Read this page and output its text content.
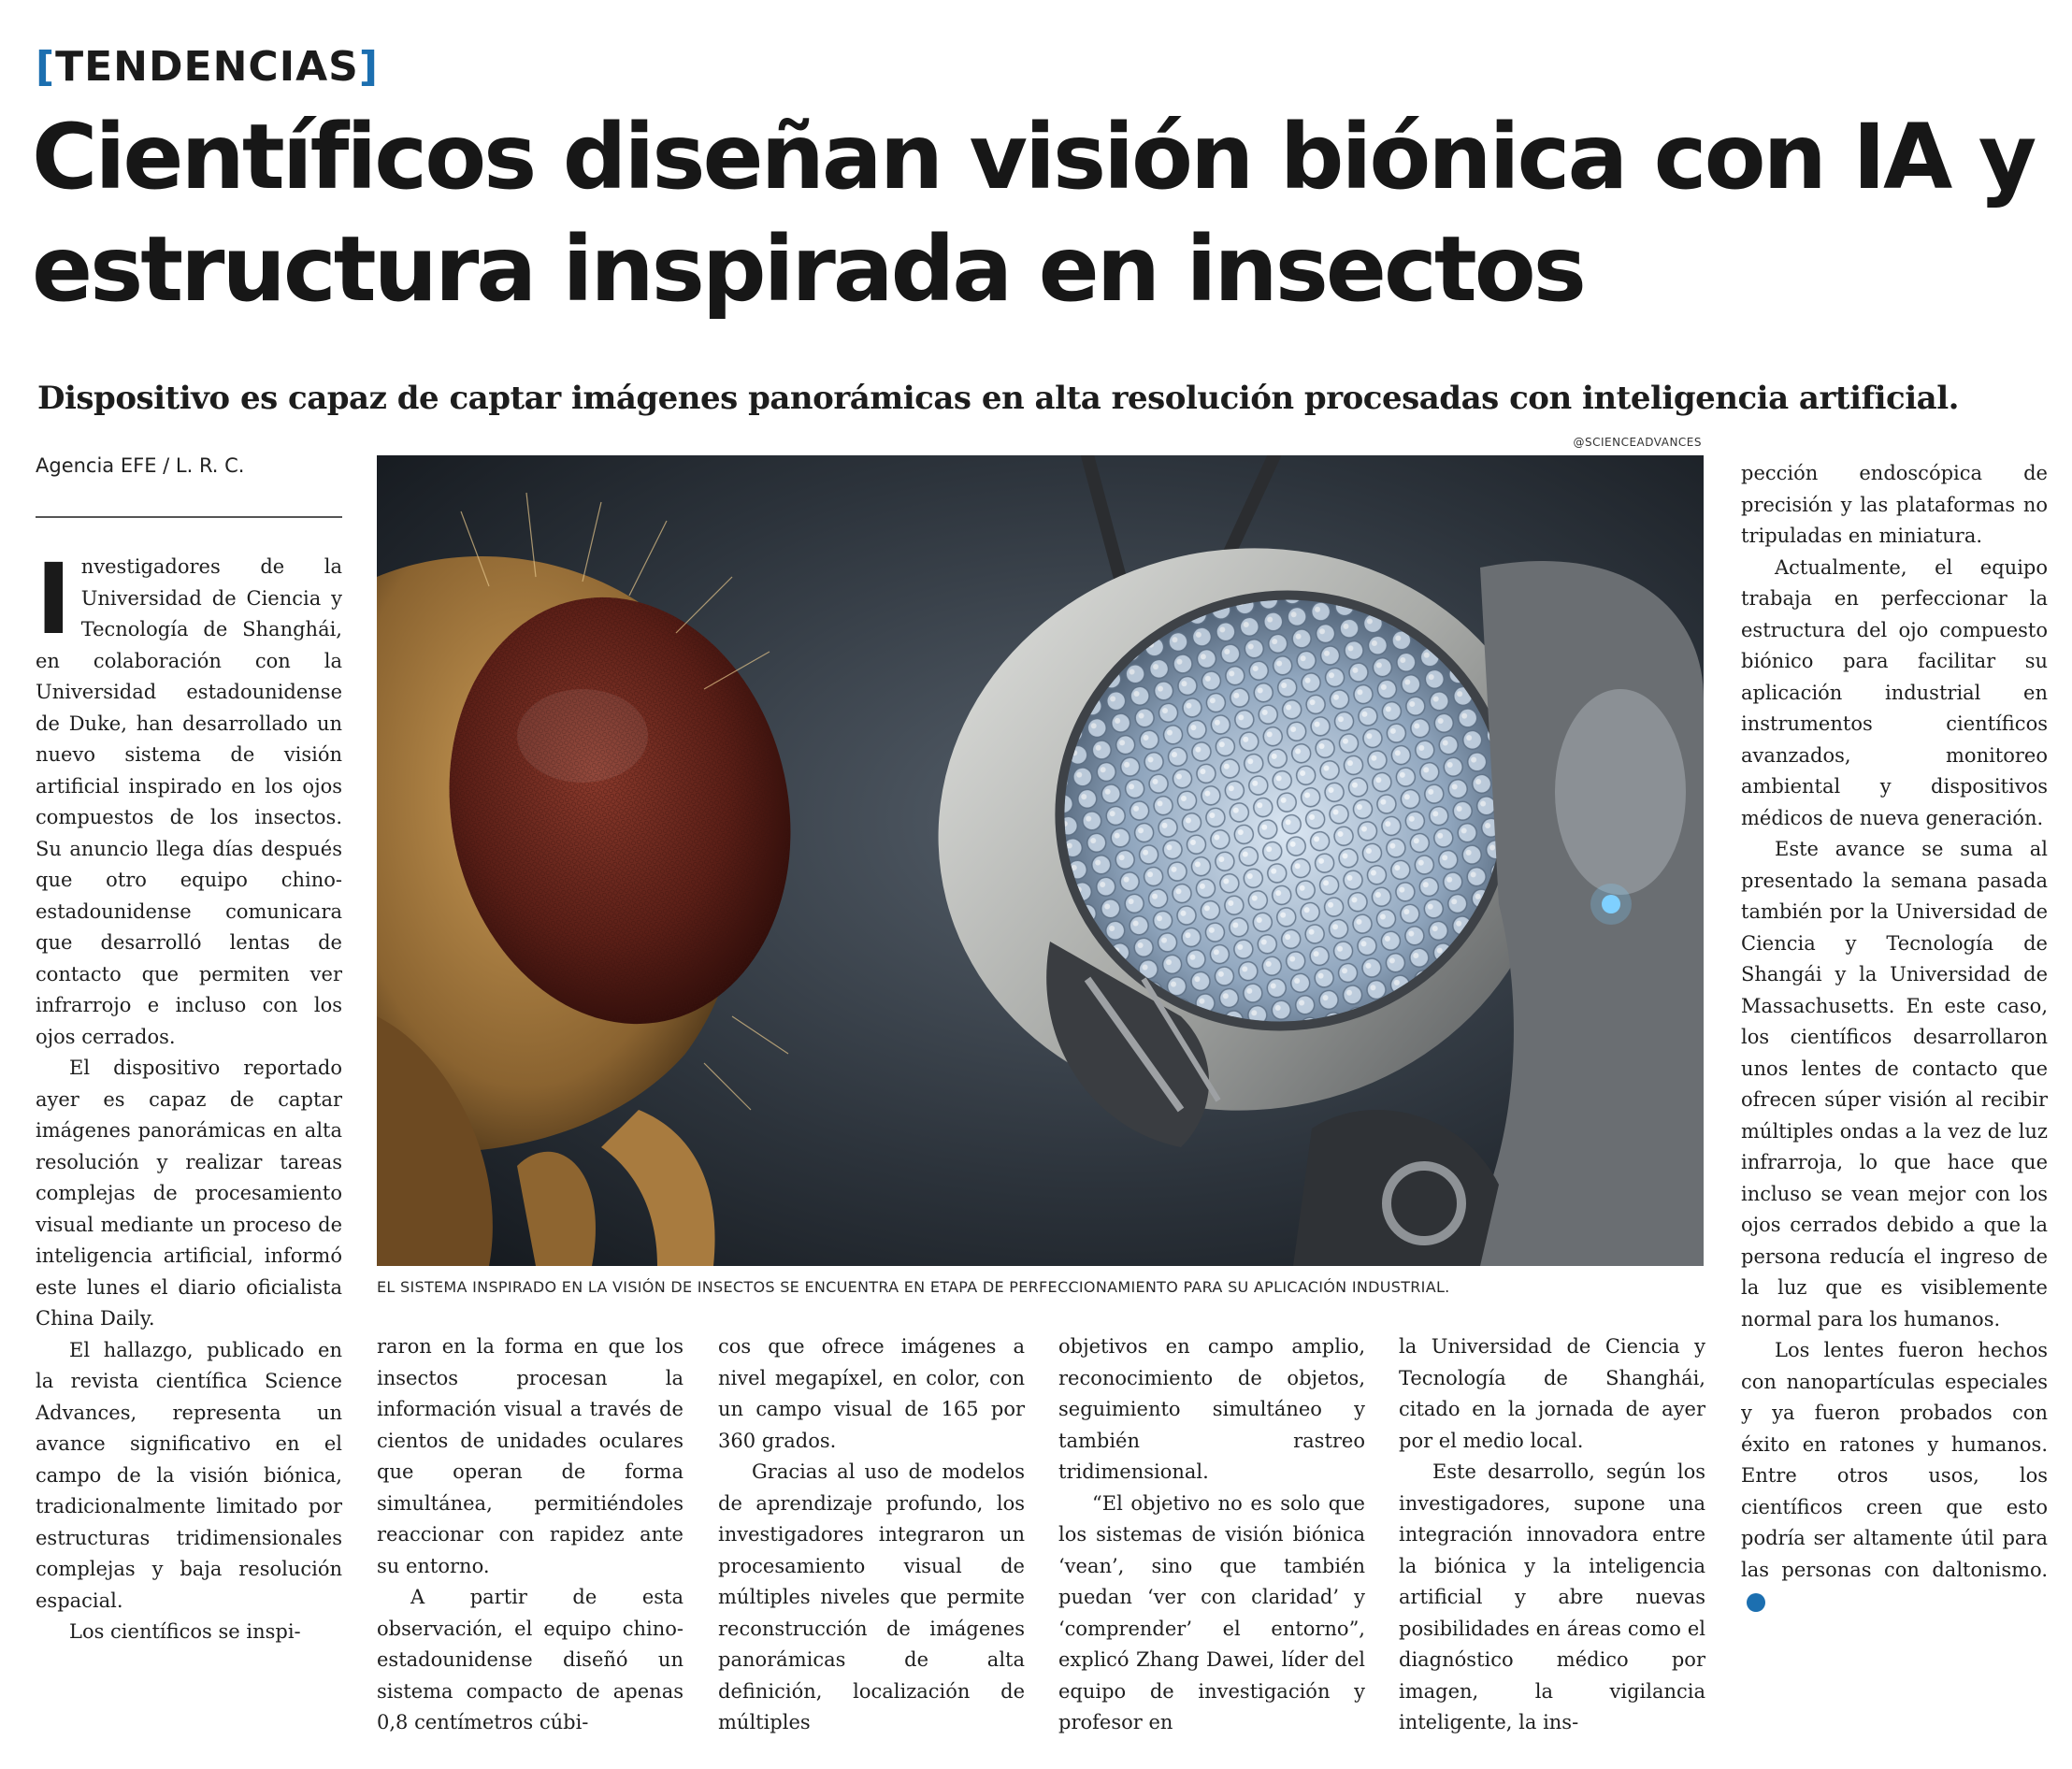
[TENDENCIAS]
Científicos diseñan visión biónica con IA y estructura inspirada en insectos
Dispositivo es capaz de captar imágenes panorámicas en alta resolución procesadas con inteligencia artificial.
Agencia EFE / L. R. C.
@SCIENCEADVANCES
EL SISTEMA INSPIRADO EN LA VISIÓN DE INSECTOS SE ENCUENTRA EN ETAPA DE PERFECCIONAMIENTO PARA SU APLICACIÓN INDUSTRIAL.

Investigadores de la Universidad de Ciencia y Tecnología de Shanghái, en colaboración con la Universidad estadounidense de Duke, han desarrollado un nuevo sistema de visión artificial inspirado en los ojos compuestos de los insectos. Su anuncio llega días después que otro equipo chino-estadounidense comunicara que desarrolló lentas de contacto que permiten ver infrarrojo e incluso con los ojos cerrados.

El dispositivo reportado ayer es capaz de captar imágenes panorámicas en alta resolución y realizar tareas complejas de procesamiento visual mediante un proceso de inteligencia artificial, informó este lunes el diario oficialista China Daily.

El hallazgo, publicado en la revista científica Science Advances, representa un avance significativo en el campo de la visión biónica, tradicionalmente limitado por estructuras tridimensionales complejas y baja resolución espacial.

Los científicos se inspi-

raron en la forma en que los insectos procesan la información visual a través de cientos de unidades oculares que operan de forma simultánea, permitiéndoles reaccionar con rapidez ante su entorno.

A partir de esta observación, el equipo chino-estadounidense diseñó un sistema compacto de apenas 0,8 centímetros cúbi-

cos que ofrece imágenes a nivel megapíxel, en color, con un campo visual de 165 por 360 grados.

Gracias al uso de modelos de aprendizaje profundo, los investigadores integraron un procesamiento visual de múltiples niveles que permite reconstrucción de imágenes panorámicas de alta definición, localización de múltiples

objetivos en campo amplio, reconocimiento de objetos, seguimiento simultáneo y también rastreo tridimensional.

“El objetivo no es solo que los sistemas de visión biónica ‘vean’, sino que también puedan ‘ver con claridad’ y ‘comprender’ el entorno”, explicó Zhang Dawei, líder del equipo de investigación y profesor en

la Universidad de Ciencia y Tecnología de Shanghái, citado en la jornada de ayer por el medio local.

Este desarrollo, según los investigadores, supone una integración innovadora entre la biónica y la inteligencia artificial y abre nuevas posibilidades en áreas como el diagnóstico médico por imagen, la vigilancia inteligente, la ins-

pección endoscópica de precisión y las plataformas no tripuladas en miniatura.

Actualmente, el equipo trabaja en perfeccionar la estructura del ojo compuesto biónico para facilitar su aplicación industrial en instrumentos científicos avanzados, monitoreo ambiental y dispositivos médicos de nueva generación.

Este avance se suma al presentado la semana pasada también por la Universidad de Ciencia y Tecnología de Shangái y la Universidad de Massachusetts. En este caso, los científicos desarrollaron unos lentes de contacto que ofrecen súper visión al recibir múltiples ondas a la vez de luz infrarroja, lo que hace que incluso se vean mejor con los ojos cerrados debido a que la persona reducía el ingreso de la luz que es visiblemente normal para los humanos.

Los lentes fueron hechos con nanopartículas especiales y ya fueron probados con éxito en ratones y humanos. Entre otros usos, los científicos creen que esto podría ser altamente útil para las personas con daltonismo.✪
